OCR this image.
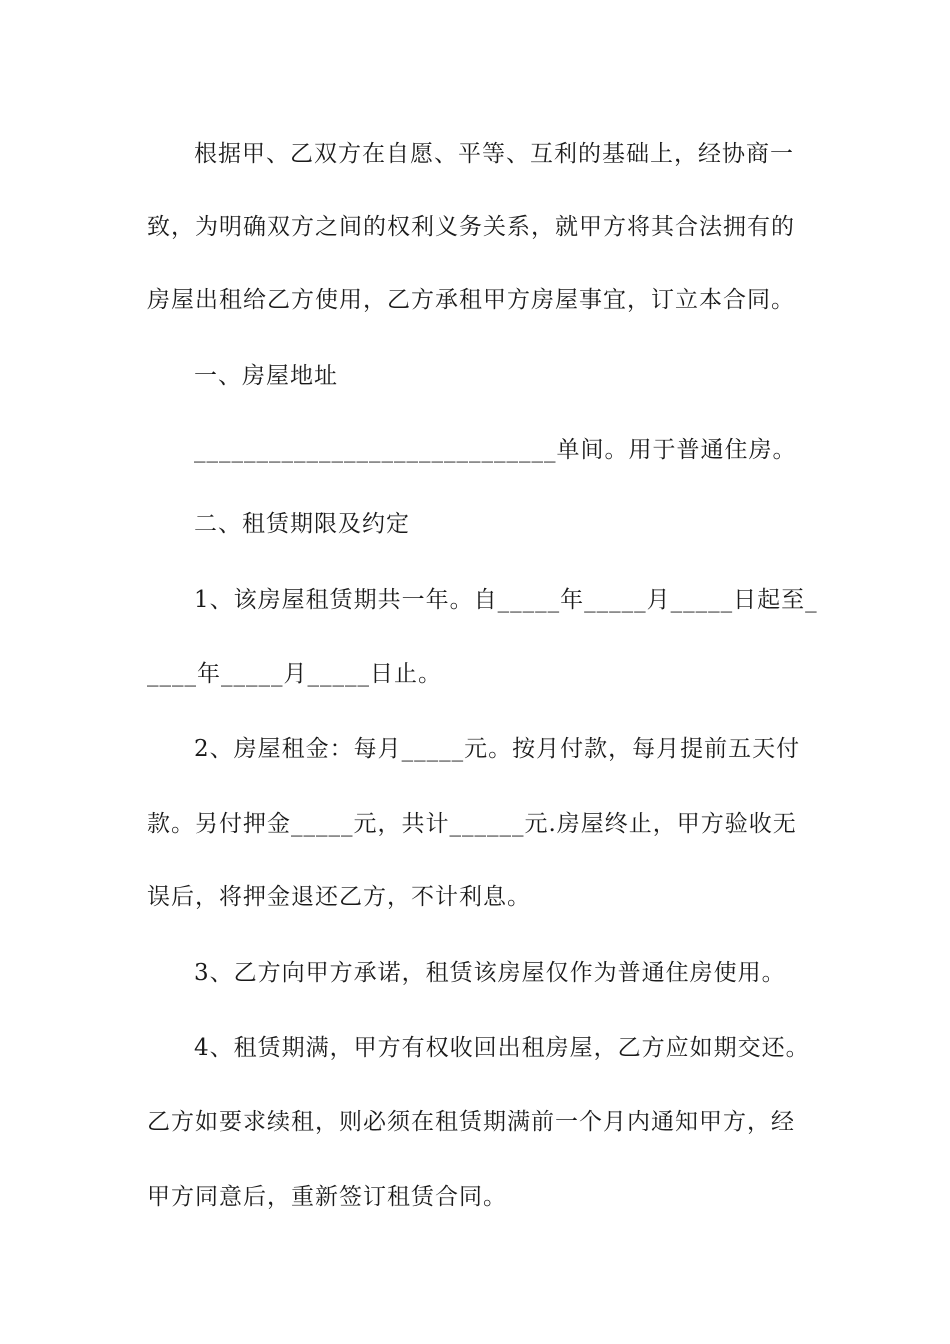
根据甲、乙双方在自愿、平等、互利的基础上，经协商一
致，为明确双方之间的权利义务关系，就甲方将其合法拥有的
房屋出租给乙方使用，乙方承租甲方房屋事宜，订立本合同。
一、房屋地址
_____________________________单间。用于普通住房。
二、租赁期限及约定
1、该房屋租赁期共一年。自_____年_____月_____日起至_
____年_____月_____日止。
2、房屋租金：每月_____元。按月付款，每月提前五天付
款。另付押金_____元，共计______元.房屋终止，甲方验收无
误后，将押金退还乙方，不计利息。
3、乙方向甲方承诺，租赁该房屋仅作为普通住房使用。
4、租赁期满，甲方有权收回出租房屋，乙方应如期交还。
乙方如要求续租，则必须在租赁期满前一个月内通知甲方，经
甲方同意后，重新签订租赁合同。
